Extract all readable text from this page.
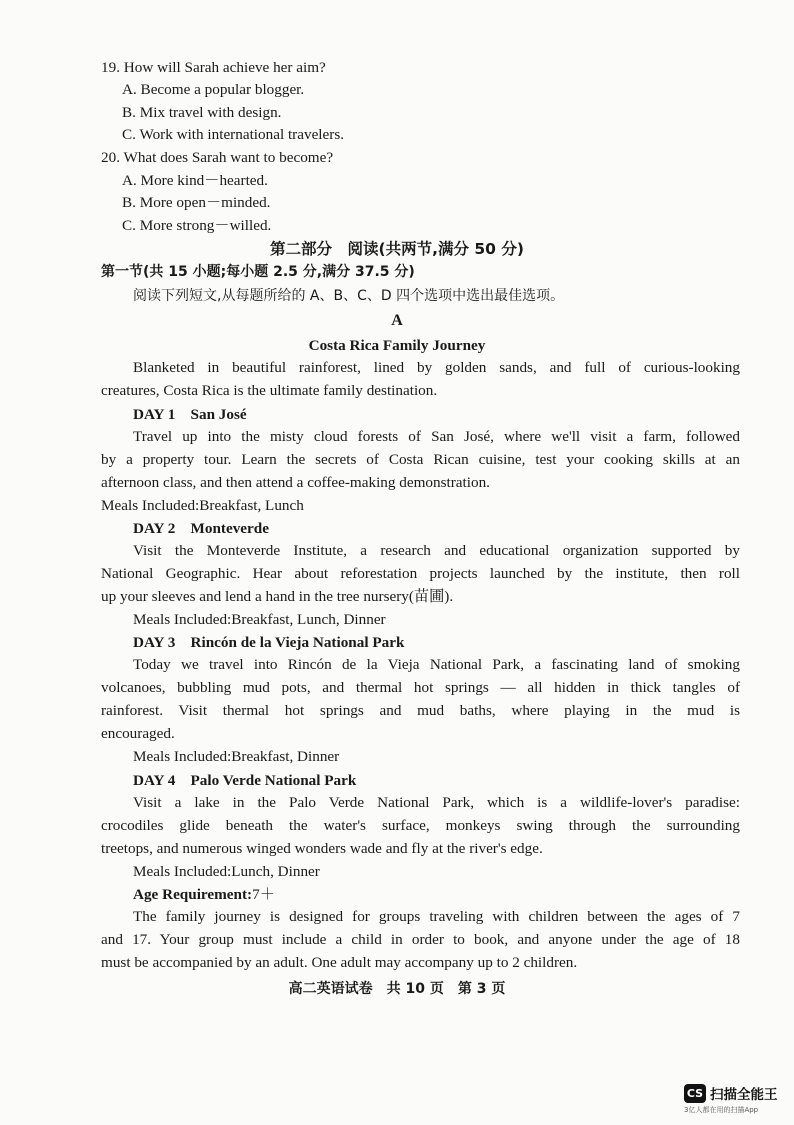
19. How will Sarah achieve her aim?
A. Become a popular blogger.
B. Mix travel with design.
C. Work with international travelers.
20. What does Sarah want to become?
A. More kind－hearted.
B. More open－minded.
C. More strong－willed.
第二部分　阅读(共两节,满分 50 分)
第一节(共 15 小题;每小题 2.5 分,满分 37.5 分)
阅读下列短文,从每题所给的 A、B、C、D 四个选项中选出最佳选项。
A
Costa Rica Family Journey
Blanketed in beautiful rainforest, lined by golden sands, and full of curious-looking
creatures, Costa Rica is the ultimate family destination.
DAY 1　San José
Travel up into the misty cloud forests of San José, where we'll visit a farm, followed
by a property tour. Learn the secrets of Costa Rican cuisine, test your cooking skills at an
afternoon class, and then attend a coffee-making demonstration.
Meals Included:Breakfast, Lunch
DAY 2　Monteverde
Visit the Monteverde Institute, a research and educational organization supported by
National Geographic. Hear about reforestation projects launched by the institute, then roll
up your sleeves and lend a hand in the tree nursery(苗圃).
Meals Included:Breakfast, Lunch, Dinner
DAY 3　Rincón de la Vieja National Park
Today we travel into Rincón de la Vieja National Park, a fascinating land of smoking
volcanoes, bubbling mud pots, and thermal hot springs — all hidden in thick tangles of
rainforest. Visit thermal hot springs and mud baths, where playing in the mud is
encouraged.
Meals Included:Breakfast, Dinner
DAY 4　Palo Verde National Park
Visit a lake in the Palo Verde National Park, which is a wildlife-lover's paradise:
crocodiles glide beneath the water's surface, monkeys swing through the surrounding
treetops, and numerous winged wonders wade and fly at the river's edge.
Meals Included:Lunch, Dinner
Age Requirement:7＋
The family journey is designed for groups traveling with children between the ages of 7
and 17. Your group must include a child in order to book, and anyone under the age of 18
must be accompanied by an adult. One adult may accompany up to 2 children.
高二英语试卷　共 10 页　第 3 页
CS 扫描全能王
3亿人都在用的扫描App
